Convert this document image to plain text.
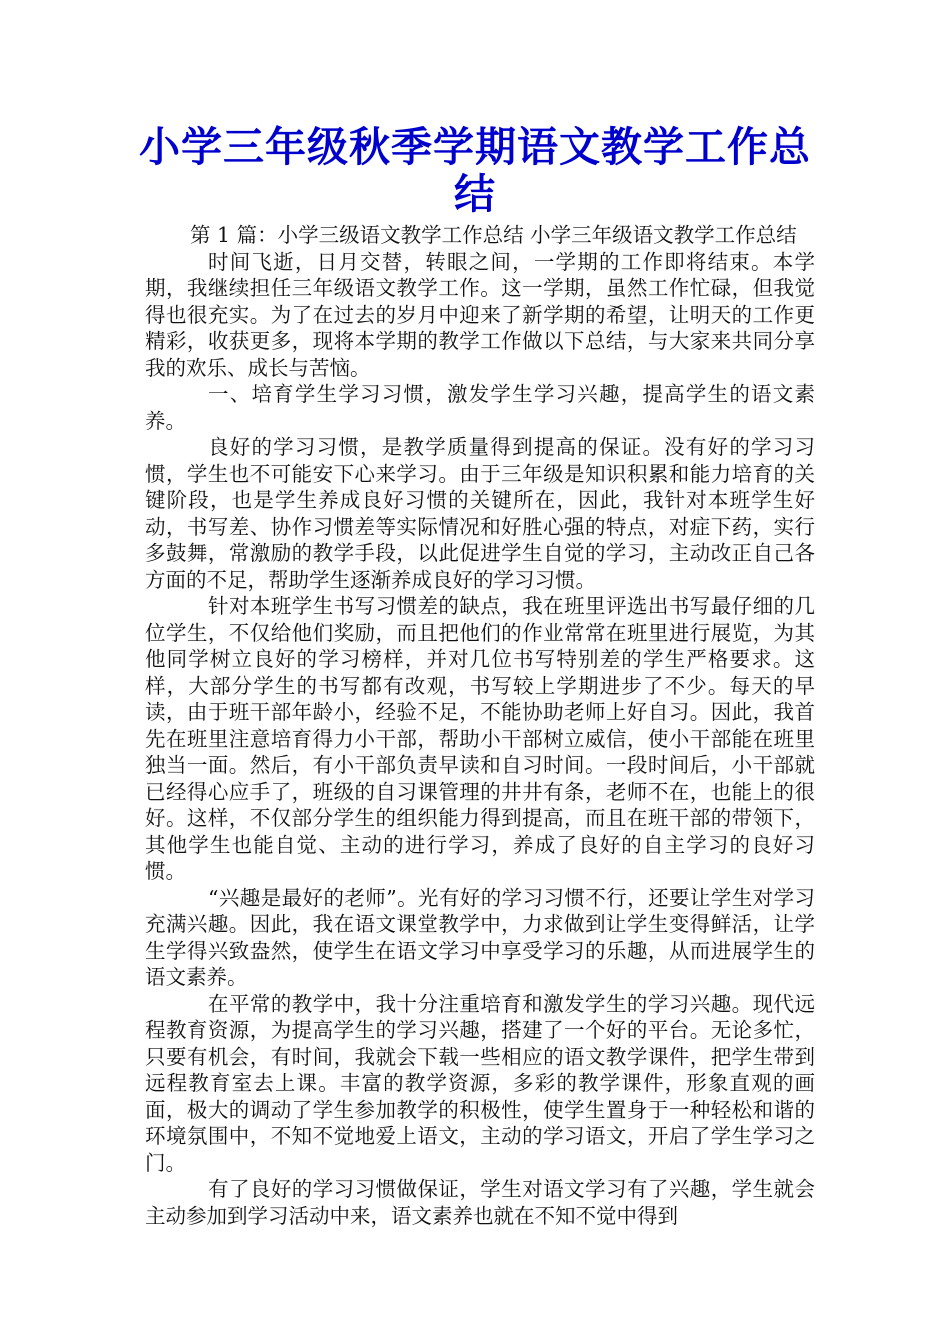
小学三年级秋季学期语文教学工作总结

第 1 篇：小学三级语文教学工作总结 小学三年级语文教学工作总结

时间飞逝，日月交替，转眼之间，一学期的工作即将结束。本学期，我继续担任三年级语文教学工作。这一学期，虽然工作忙碌，但我觉得也很充实。为了在过去的岁月中迎来了新学期的希望，让明天的工作更精彩，收获更多，现将本学期的教学工作做以下总结，与大家来共同分享我的欢乐、成长与苦恼。

一、培育学生学习习惯，激发学生学习兴趣，提高学生的语文素养。

良好的学习习惯，是教学质量得到提高的保证。没有好的学习习惯，学生也不可能安下心来学习。由于三年级是知识积累和能力培育的关键阶段，也是学生养成良好习惯的关键所在，因此，我针对本班学生好动，书写差、协作习惯差等实际情况和好胜心强的特点，对症下药，实行多鼓舞，常激励的教学手段，以此促进学生自觉的学习，主动改正自己各方面的不足，帮助学生逐渐养成良好的学习习惯。

针对本班学生书写习惯差的缺点，我在班里评选出书写最仔细的几位学生，不仅给他们奖励，而且把他们的作业常常在班里进行展览，为其他同学树立良好的学习榜样，并对几位书写特别差的学生严格要求。这样，大部分学生的书写都有改观，书写较上学期进步了不少。每天的早读，由于班干部年龄小，经验不足，不能协助老师上好自习。因此，我首先在班里注意培育得力小干部，帮助小干部树立威信，使小干部能在班里独当一面。然后，有小干部负责早读和自习时间。一段时间后，小干部就已经得心应手了，班级的自习课管理的井井有条，老师不在，也能上的很好。这样，不仅部分学生的组织能力得到提高，而且在班干部的带领下，其他学生也能自觉、主动的进行学习，养成了良好的自主学习的良好习惯。

“兴趣是最好的老师”。光有好的学习习惯不行，还要让学生对学习充满兴趣。因此，我在语文课堂教学中，力求做到让学生变得鲜活，让学生学得兴致盎然，使学生在语文学习中享受学习的乐趣，从而进展学生的语文素养。

在平常的教学中，我十分注重培育和激发学生的学习兴趣。现代远程教育资源，为提高学生的学习兴趣，搭建了一个好的平台。无论多忙，只要有机会，有时间，我就会下载一些相应的语文教学课件，把学生带到远程教育室去上课。丰富的教学资源，多彩的教学课件，形象直观的画面，极大的调动了学生参加教学的积极性，使学生置身于一种轻松和谐的环境氛围中，不知不觉地爱上语文，主动的学习语文，开启了学生学习之门。

有了良好的学习习惯做保证，学生对语文学习有了兴趣，学生就会主动参加到学习活动中来，语文素养也就在不知不觉中得到
